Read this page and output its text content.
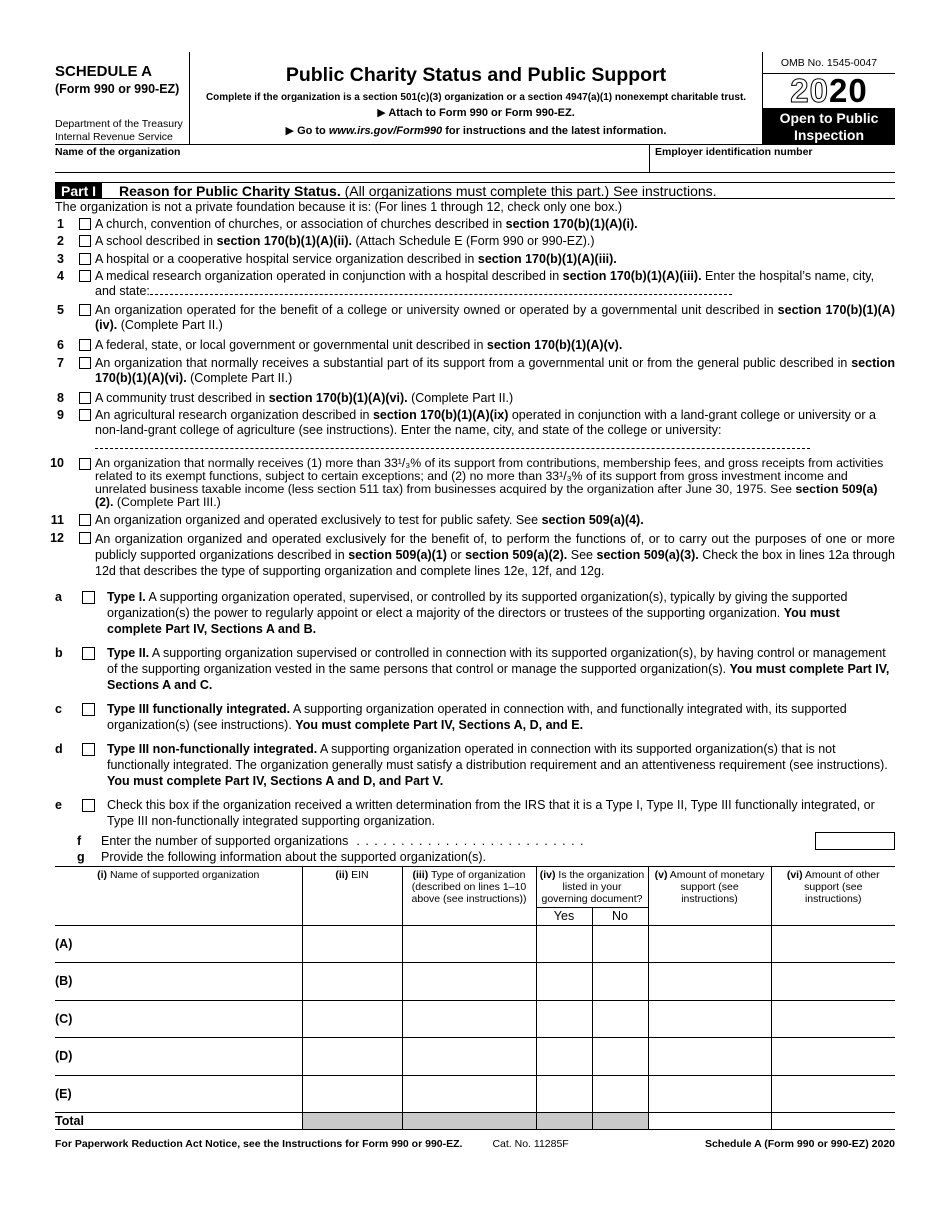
SCHEDULE A
(Form 990 or 990-EZ)
Department of the Treasury
Internal Revenue Service
Public Charity Status and Public Support
Complete if the organization is a section 501(c)(3) organization or a section 4947(a)(1) nonexempt charitable trust.
▶ Attach to Form 990 or Form 990-EZ.
▶ Go to www.irs.gov/Form990 for instructions and the latest information.
OMB No. 1545-0047
2020
Open to Public
Inspection
Name of the organization	Employer identification number
Part I	Reason for Public Charity Status. (All organizations must complete this part.) See instructions.
The organization is not a private foundation because it is: (For lines 1 through 12, check only one box.)
1	A church, convention of churches, or association of churches described in section 170(b)(1)(A)(i).
2	A school described in section 170(b)(1)(A)(ii). (Attach Schedule E (Form 990 or 990-EZ).)
3	A hospital or a cooperative hospital service organization described in section 170(b)(1)(A)(iii).
4	A medical research organization operated in conjunction with a hospital described in section 170(b)(1)(A)(iii). Enter the hospital’s name, city, and state:
5	An organization operated for the benefit of a college or university owned or operated by a governmental unit described in section 170(b)(1)(A)(iv). (Complete Part II.)
6	A federal, state, or local government or governmental unit described in section 170(b)(1)(A)(v).
7	An organization that normally receives a substantial part of its support from a governmental unit or from the general public described in section 170(b)(1)(A)(vi). (Complete Part II.)
8	A community trust described in section 170(b)(1)(A)(vi). (Complete Part II.)
9	An agricultural research organization described in section 170(b)(1)(A)(ix) operated in conjunction with a land-grant college or university or a non-land-grant college of agriculture (see instructions). Enter the name, city, and state of the college or university:
10	An organization that normally receives (1) more than 33¹/₃% of its support from contributions, membership fees, and gross receipts from activities related to its exempt functions, subject to certain exceptions; and (2) no more than 33¹/₃% of its support from gross investment income and unrelated business taxable income (less section 511 tax) from businesses acquired by the organization after June 30, 1975. See section 509(a)(2). (Complete Part III.)
11	An organization organized and operated exclusively to test for public safety. See section 509(a)(4).
12	An organization organized and operated exclusively for the benefit of, to perform the functions of, or to carry out the purposes of one or more publicly supported organizations described in section 509(a)(1) or section 509(a)(2). See section 509(a)(3). Check the box in lines 12a through 12d that describes the type of supporting organization and complete lines 12e, 12f, and 12g.
a	Type I. A supporting organization operated, supervised, or controlled by its supported organization(s), typically by giving the supported organization(s) the power to regularly appoint or elect a majority of the directors or trustees of the supporting organization. You must complete Part IV, Sections A and B.
b	Type II. A supporting organization supervised or controlled in connection with its supported organization(s), by having control or management of the supporting organization vested in the same persons that control or manage the supported organization(s). You must complete Part IV, Sections A and C.
c	Type III functionally integrated. A supporting organization operated in connection with, and functionally integrated with, its supported organization(s) (see instructions). You must complete Part IV, Sections A, D, and E.
d	Type III non-functionally integrated. A supporting organization operated in connection with its supported organization(s) that is not functionally integrated. The organization generally must satisfy a distribution requirement and an attentiveness requirement (see instructions). You must complete Part IV, Sections A and D, and Part V.
e	Check this box if the organization received a written determination from the IRS that it is a Type I, Type II, Type III functionally integrated, or Type III non-functionally integrated supporting organization.
f	Enter the number of supported organizations . . . . . . . . . . . . . . . . . . . . . . . . . .
g	Provide the following information about the supported organization(s).
(i) Name of supported organization	(ii) EIN	(iii) Type of organization (described on lines 1–10 above (see instructions))	(iv) Is the organization listed in your governing document?		(v) Amount of monetary support (see instructions)	(vi) Amount of other support (see instructions)
			Yes	No		
(A)						
(B)						
(C)						
(D)						
(E)						
Total						
For Paperwork Reduction Act Notice, see the Instructions for Form 990 or 990-EZ.	Cat. No. 11285F	Schedule A (Form 990 or 990-EZ) 2020
